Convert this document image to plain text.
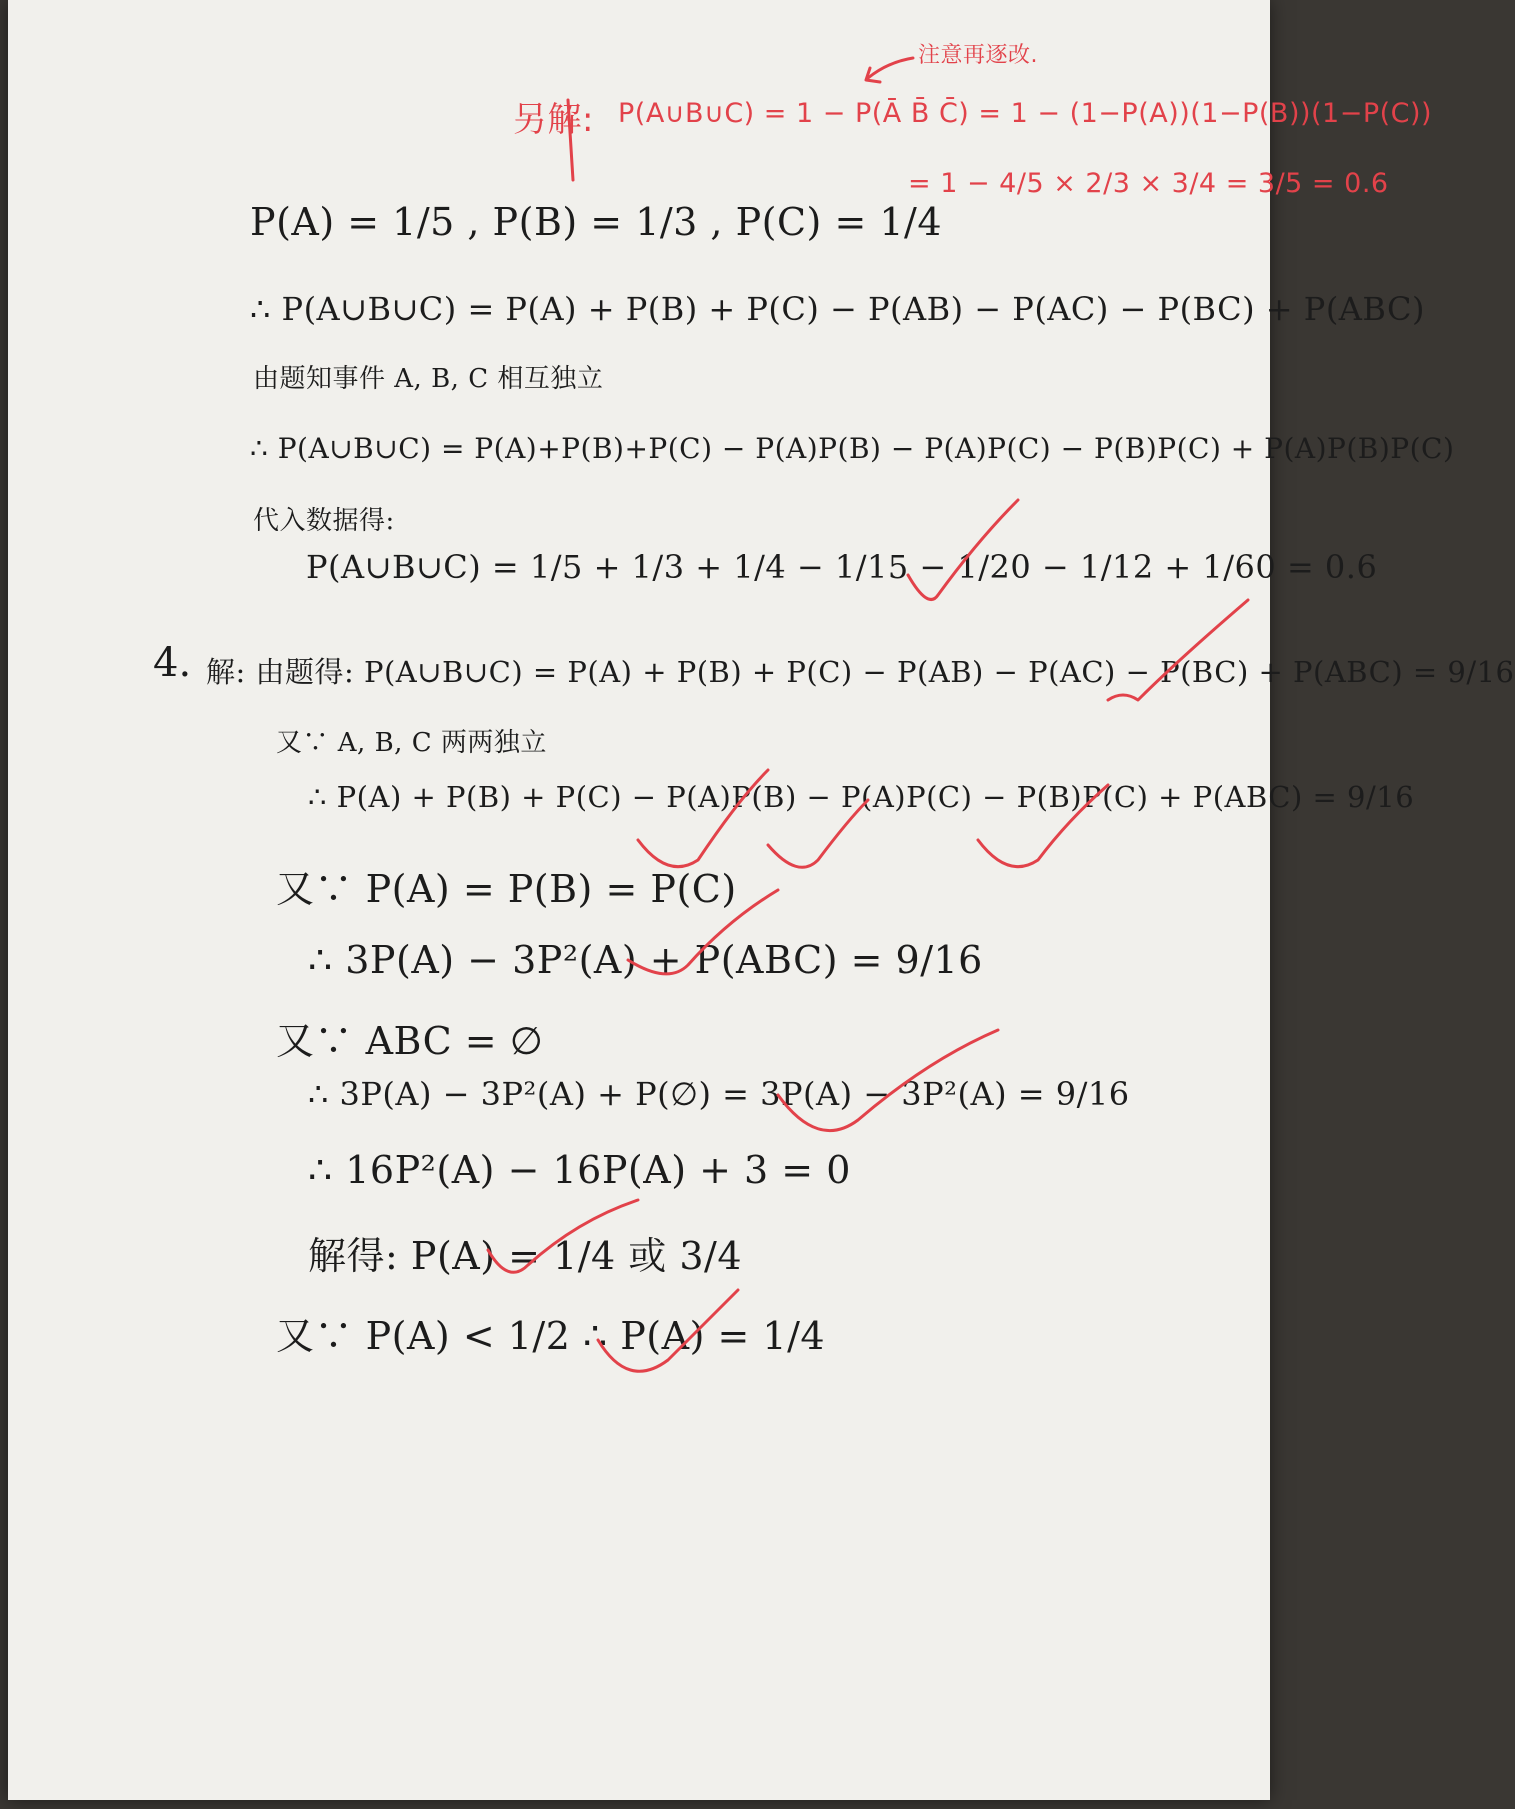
注意再逐改.
另解: P(A∪B∪C) = 1 − P(Ā B̄ C̄) = 1 − (1−P(A))(1−P(B))(1−P(C))
= 1 − 4/5 × 2/3 × 3/4 = 3/5 = 0.6
P(A) = 1/5 , P(B) = 1/3 , P(C) = 1/4
∴ P(A∪B∪C) = P(A) + P(B) + P(C) − P(AB) − P(AC) − P(BC) + P(ABC)
由题知事件 A, B, C 相互独立
∴ P(A∪B∪C) = P(A)+P(B)+P(C) − P(A)P(B) − P(A)P(C) − P(B)P(C) + P(A)P(B)P(C)
代入数据得:
P(A∪B∪C) = 1/5 + 1/3 + 1/4 − 1/15 − 1/20 − 1/12 + 1/60 = 0.6
4. 解: 由题得: P(A∪B∪C) = P(A) + P(B) + P(C) − P(AB) − P(AC) − P(BC) + P(ABC) = 9/16
又∵ A, B, C 两两独立
∴ P(A) + P(B) + P(C) − P(A)P(B) − P(A)P(C) − P(B)P(C) + P(ABC) = 9/16
又∵ P(A) = P(B) = P(C)
∴ 3P(A) − 3P²(A) + P(ABC) = 9/16
又∵ ABC = ∅
∴ 3P(A) − 3P²(A) + P(∅) = 3P(A) − 3P²(A) = 9/16
∴ 16P²(A) − 16P(A) + 3 = 0
解得: P(A) = 1/4 或 3/4
又∵ P(A) < 1/2 ∴ P(A) = 1/4
